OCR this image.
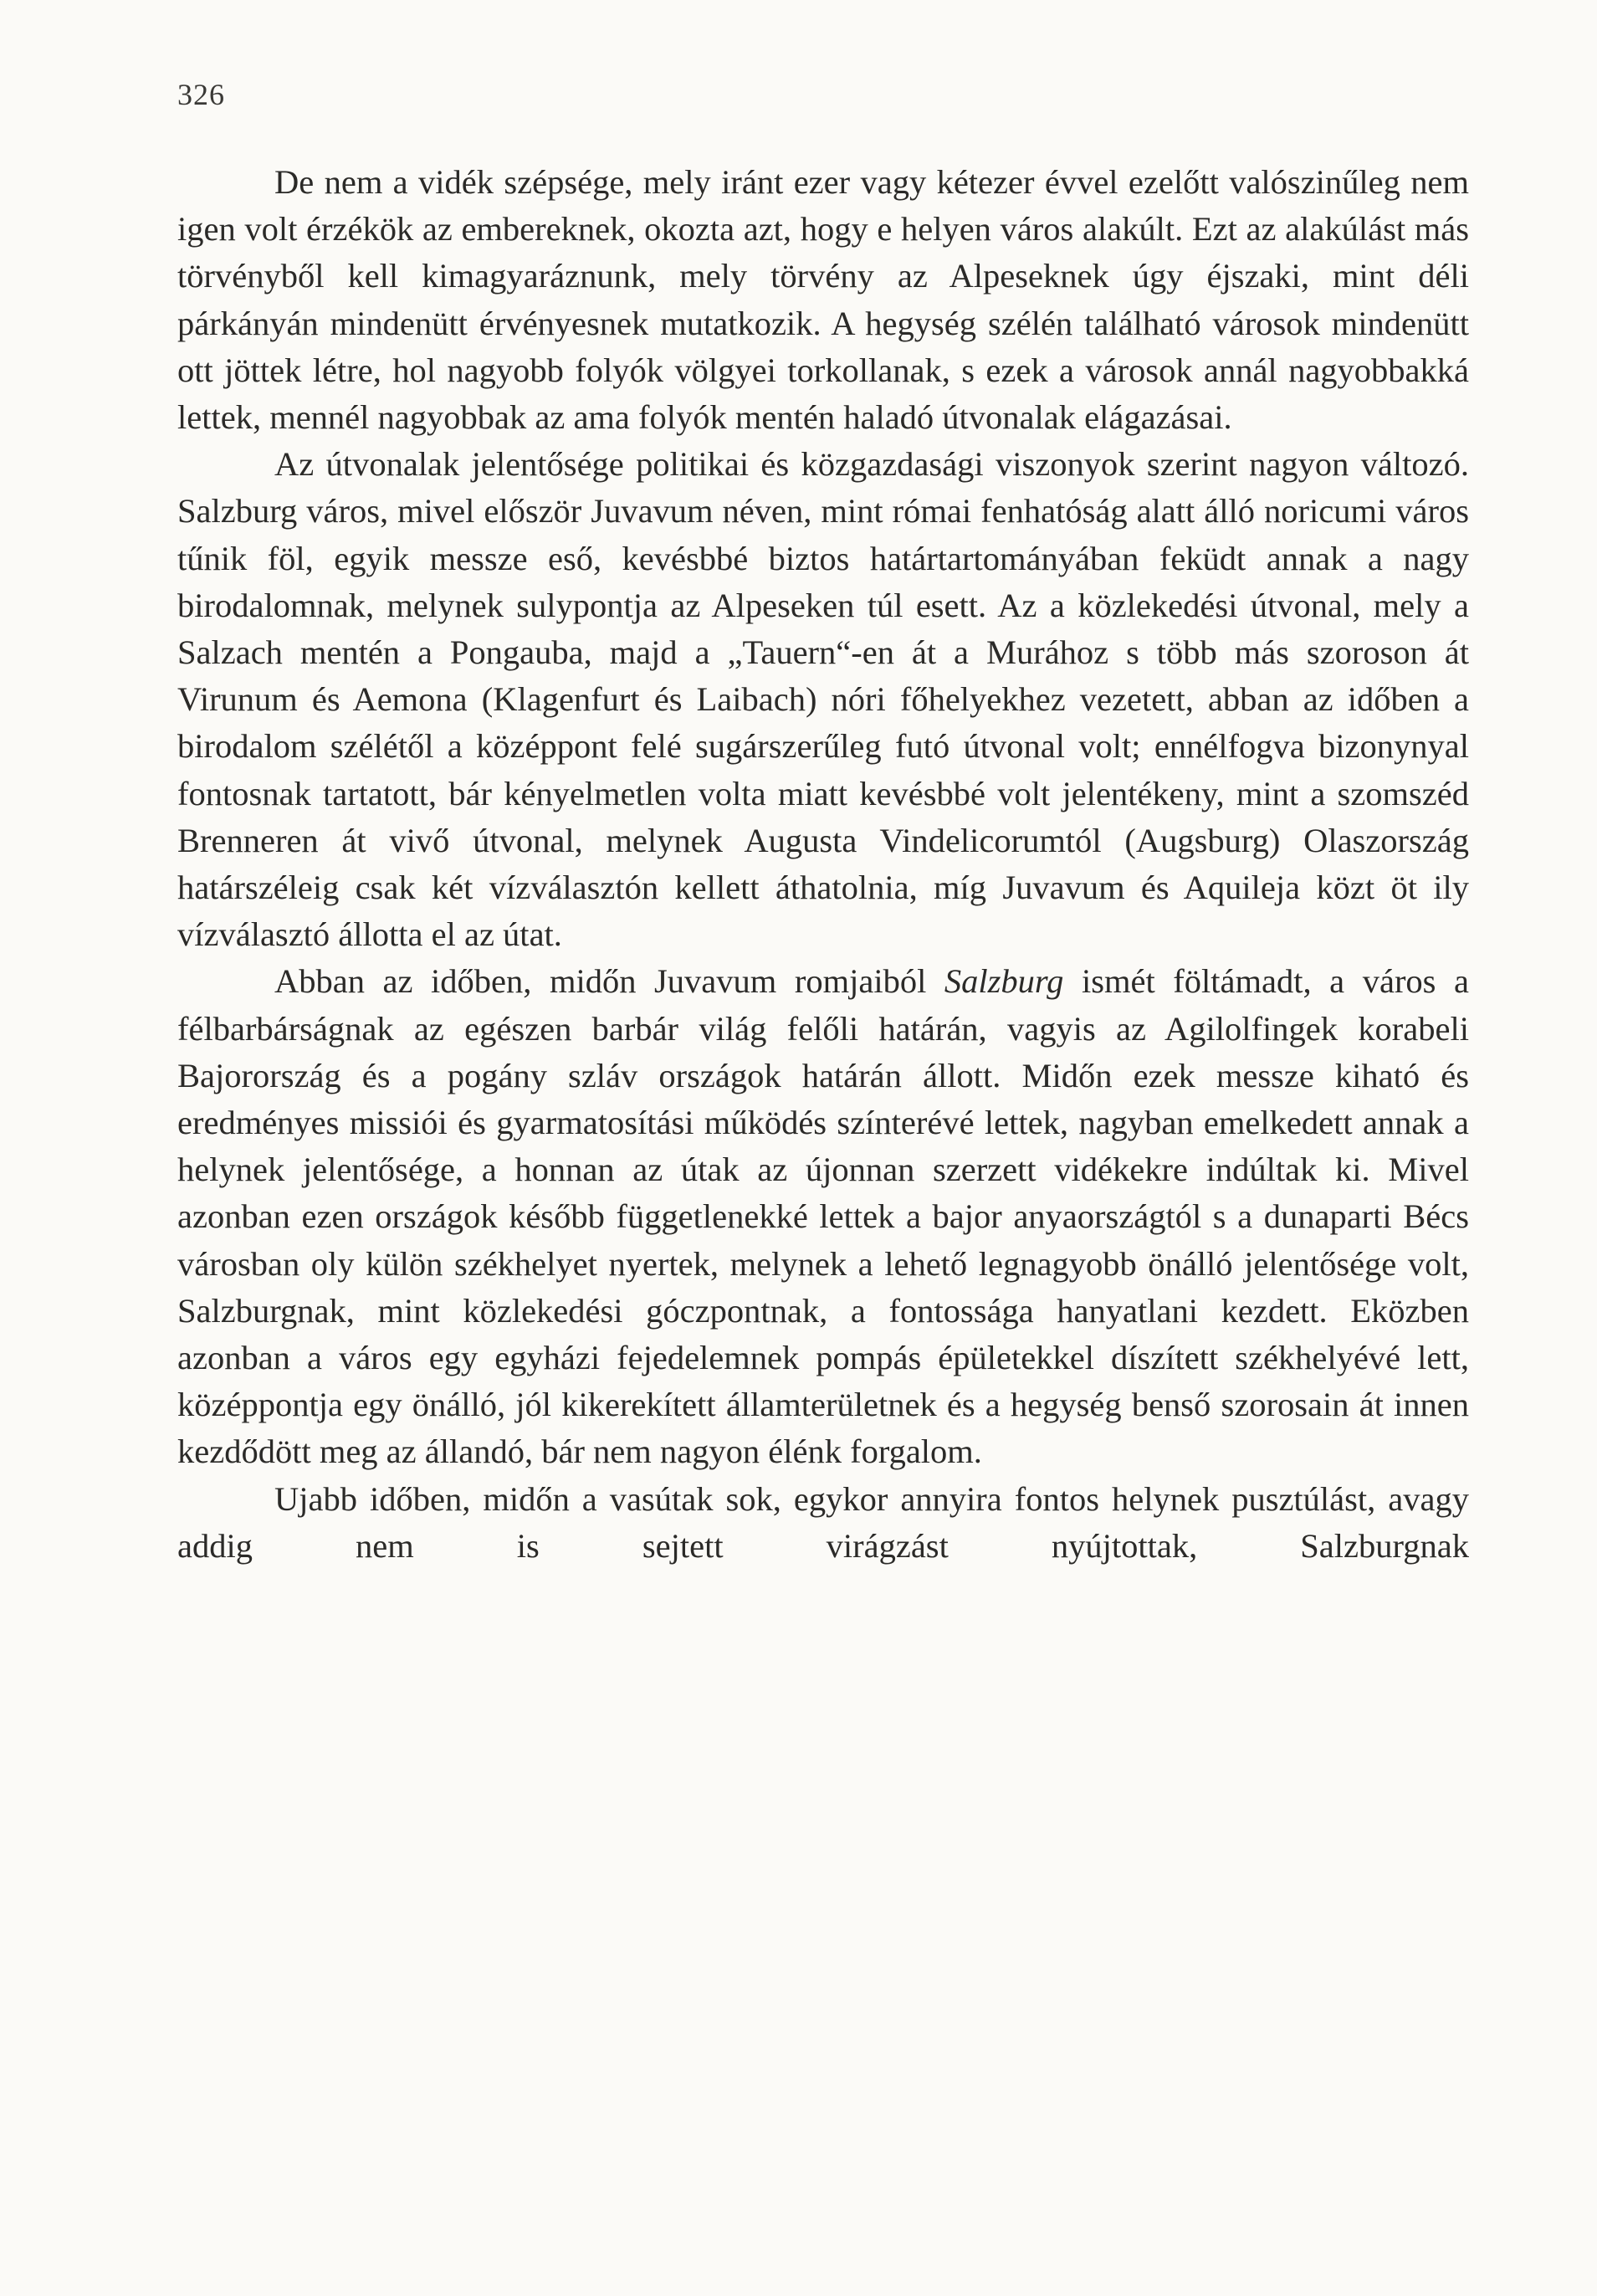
326

De nem a vidék szépsége, mely iránt ezer vagy kétezer évvel ezelőtt valószinűleg nem igen volt érzékök az embereknek, okozta azt, hogy e helyen város alakúlt. Ezt az alakúlást más törvényből kell kimagyaráznunk, mely törvény az Alpeseknek úgy éjszaki, mint déli párkányán mindenütt érvényesnek mutatkozik. A hegység szélén található városok mindenütt ott jöttek létre, hol nagyobb folyók völgyei torkollanak, s ezek a városok annál nagyobbakká lettek, mennél nagyobbak az ama folyók mentén haladó útvonalak elágazásai.

Az útvonalak jelentősége politikai és közgazdasági viszonyok szerint nagyon változó. Salzburg város, mivel először Juvavum néven, mint római fenhatóság alatt álló noricumi város tűnik föl, egyik messze eső, kevésbbé biztos határtartományában feküdt annak a nagy birodalomnak, melynek sulypontja az Alpeseken túl esett. Az a közlekedési útvonal, mely a Salzach mentén a Pongauba, majd a „Tauern“-en át a Murához s több más szoroson át Virunum és Aemona (Klagenfurt és Laibach) nóri főhelyekhez vezetett, abban az időben a birodalom szélétől a középpont felé sugárszerűleg futó útvonal volt; ennélfogva bizonynyal fontosnak tartatott, bár kényelmetlen volta miatt kevésbbé volt jelentékeny, mint a szomszéd Brenneren át vivő útvonal, melynek Augusta Vindelicorumtól (Augsburg) Olaszország határszéleig csak két vízválasztón kellett áthatolnia, míg Juvavum és Aquileja közt öt ily vízválasztó állotta el az útat.

Abban az időben, midőn Juvavum romjaiból Salzburg ismét föltámadt, a város a félbarbárságnak az egészen barbár világ felőli határán, vagyis az Agilolfingek korabeli Bajorország és a pogány szláv országok határán állott. Midőn ezek messze kiható és eredményes missiói és gyarmatosítási működés színterévé lettek, nagyban emelkedett annak a helynek jelentősége, a honnan az útak az újonnan szerzett vidékekre indúltak ki. Mivel azonban ezen országok később függetlenekké lettek a bajor anyaországtól s a dunaparti Bécs városban oly külön székhelyet nyertek, melynek a lehető legnagyobb önálló jelentősége volt, Salzburgnak, mint közlekedési góczpontnak, a fontossága hanyatlani kezdett. Eközben azonban a város egy egyházi fejedelemnek pompás épületekkel díszített székhelyévé lett, középpontja egy önálló, jól kikerekített államterületnek és a hegység benső szorosain át innen kezdődött meg az állandó, bár nem nagyon élénk forgalom.

Ujabb időben, midőn a vasútak sok, egykor annyira fontos helynek pusztúlást, avagy addig nem is sejtett virágzást nyújtottak, Salzburgnak
